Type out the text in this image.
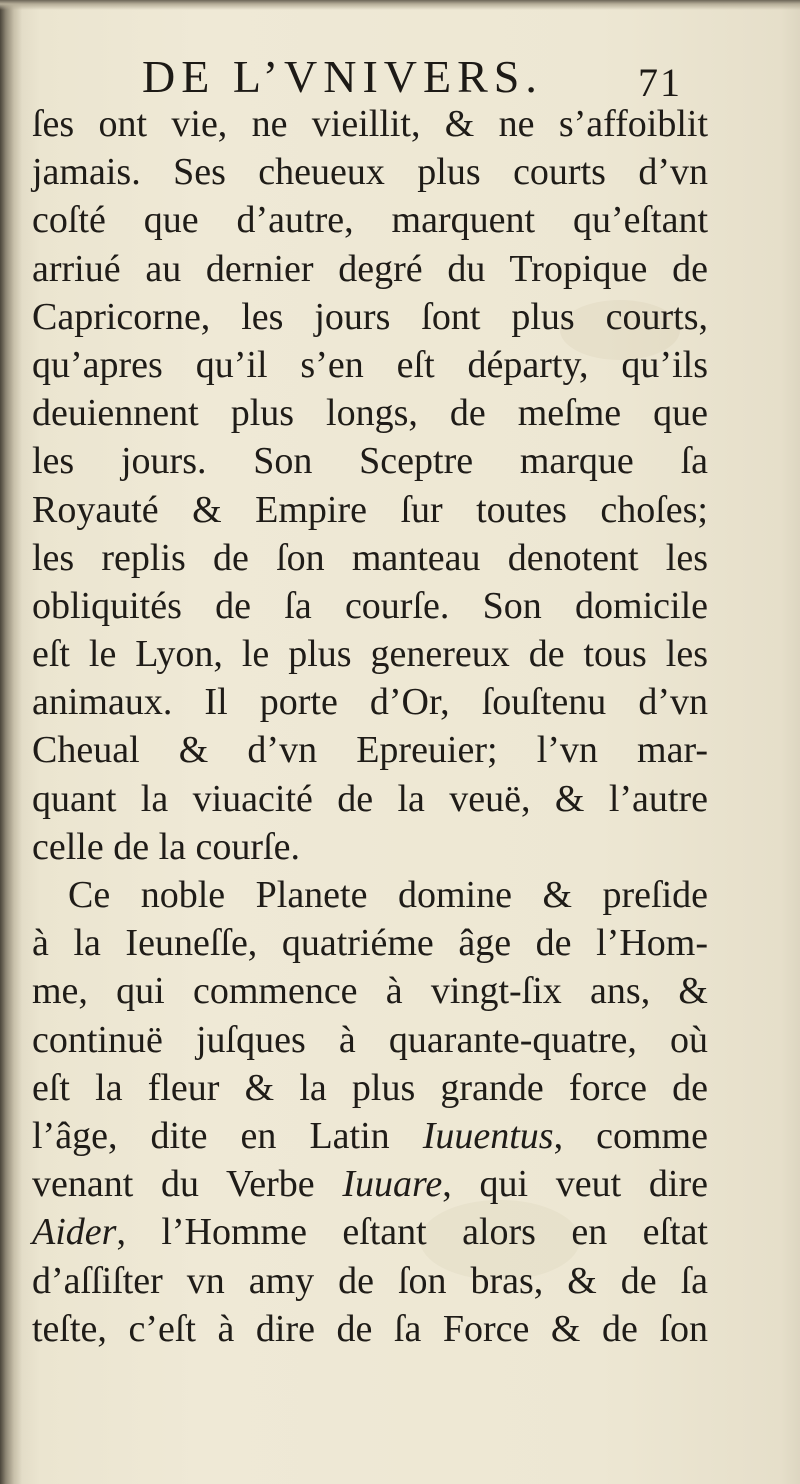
DE L’VNIVERS. 71
ſes ont vie, ne vieillit, & ne s’affoiblit
jamais. Ses cheueux plus courts d’vn
coſté que d’autre, marquent qu’eſtant
arriué au dernier degré du Tropique de
Capricorne, les jours ſont plus courts,
qu’apres qu’il s’en eſt départy, qu’ils
deuiennent plus longs, de meſme que
les jours. Son Sceptre marque ſa
Royauté & Empire ſur toutes choſes;
les replis de ſon manteau denotent les
obliquités de ſa courſe. Son domicile
eſt le Lyon, le plus genereux de tous les
animaux. Il porte d’Or, ſouſtenu d’vn
Cheual & d’vn Epreuier; l’vn mar-
quant la viuacité de la veuë, & l’autre
celle de la courſe.
Ce noble Planete domine & preſide
à la Ieuneſſe, quatriéme âge de l’Hom-
me, qui commence à vingt-ſix ans, &
continuë juſques à quarante-quatre, où
eſt la fleur & la plus grande force de
l’âge, dite en Latin Iuuentus, comme
venant du Verbe Iuuare, qui veut dire
Aider, l’Homme eſtant alors en eſtat
d’aſſiſter vn amy de ſon bras, & de ſa
teſte, c’eſt à dire de ſa Force & de ſon
